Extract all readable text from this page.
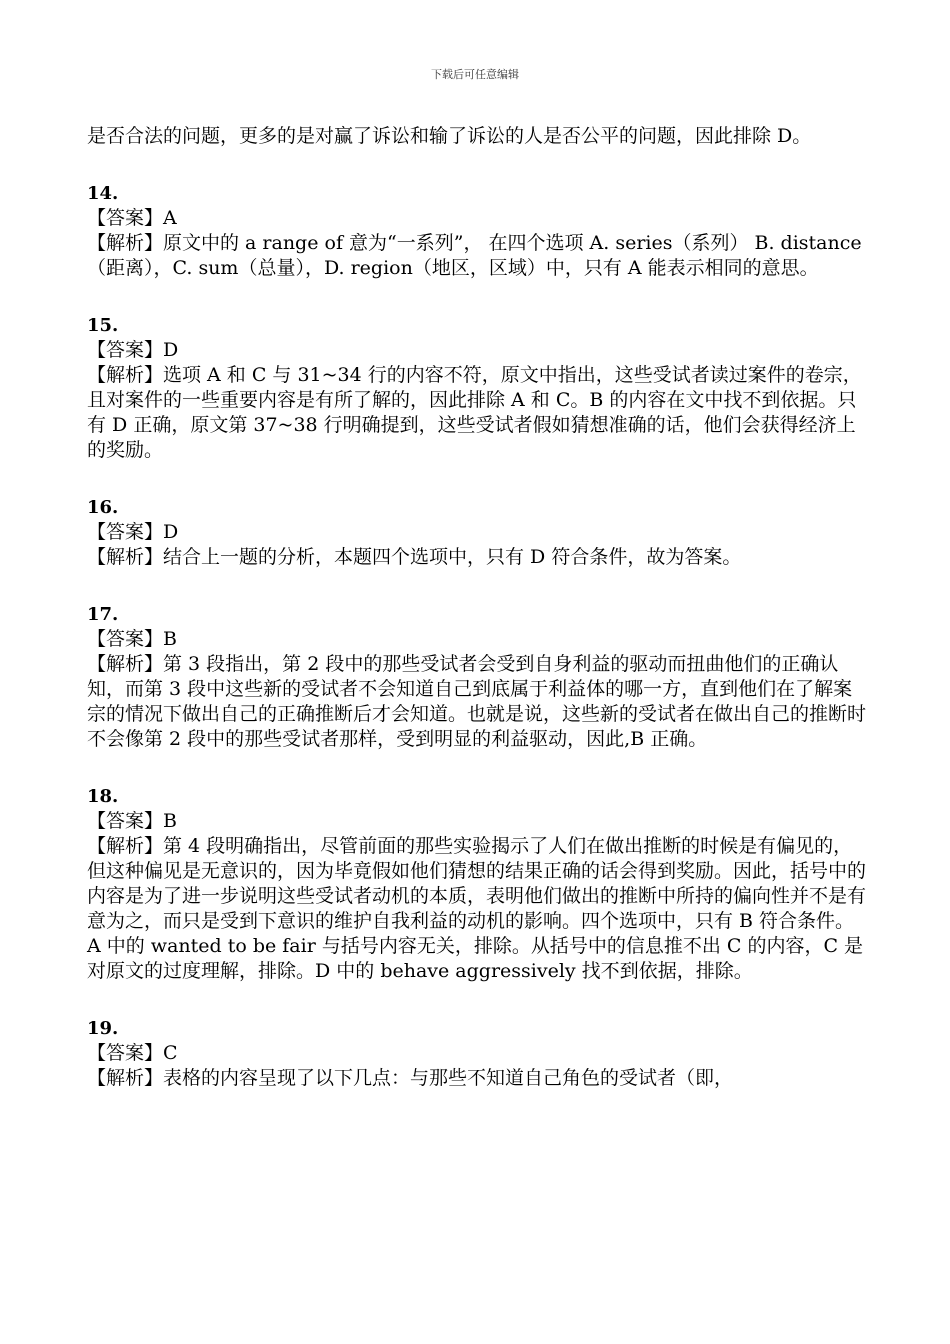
下载后可任意编辑

是否合法的问题，更多的是对赢了诉讼和输了诉讼的人是否公平的问题，因此排除 D。

14.

【答案】A

【解析】原文中的 a range of 意为“一系列”， 在四个选项 A. series（系列） B. distance（距离），C. sum（总量），D. region（地区，区域）中，只有 A 能表示相同的意思。

15.

【答案】D

【解析】选项 A 和 C 与 31~34 行的内容不符，原文中指出，这些受试者读过案件的卷宗，且对案件的一些重要内容是有所了解的，因此排除 A 和 C。B 的内容在文中找不到依据。只有 D 正确，原文第 37~38 行明确提到，这些受试者假如猜想准确的话，他们会获得经济上的奖励。

16.

【答案】D

【解析】结合上一题的分析，本题四个选项中，只有 D 符合条件，故为答案。

17.

【答案】B

【解析】第 3 段指出，第 2 段中的那些受试者会受到自身利益的驱动而扭曲他们的正确认知，而第 3 段中这些新的受试者不会知道自己到底属于利益体的哪一方，直到他们在了解案宗的情况下做出自己的正确推断后才会知道。也就是说，这些新的受试者在做出自己的推断时不会像第 2 段中的那些受试者那样，受到明显的利益驱动，因此,B 正确。

18.

【答案】B

【解析】第 4 段明确指出，尽管前面的那些实验揭示了人们在做出推断的时候是有偏见的，但这种偏见是无意识的，因为毕竟假如他们猜想的结果正确的话会得到奖励。因此，括号中的内容是为了进一步说明这些受试者动机的本质，表明他们做出的推断中所持的偏向性并不是有意为之，而只是受到下意识的维护自我利益的动机的影响。四个选项中，只有 B 符合条件。A 中的 wanted to be fair 与括号内容无关，排除。从括号中的信息推不出 C 的内容，C 是对原文的过度理解，排除。D 中的 behave aggressively 找不到依据，排除。

19.

【答案】C

【解析】表格的内容呈现了以下几点：与那些不知道自己角色的受试者（即，
